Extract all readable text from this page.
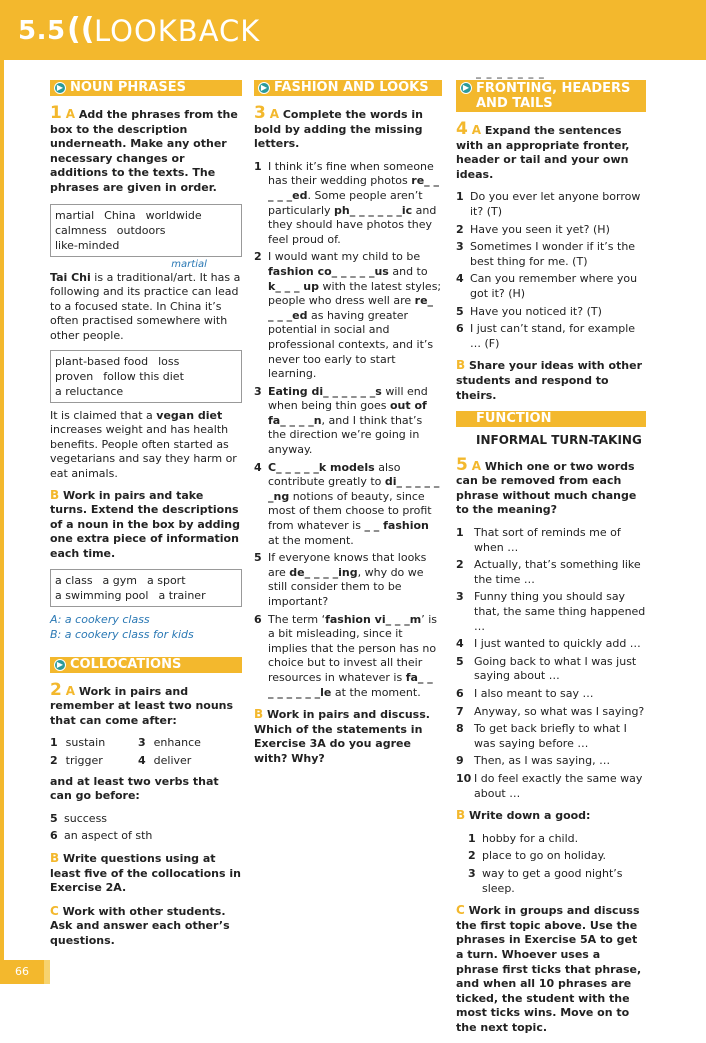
5.5 (( LOOKBACK
▶ NOUN PHRASES
1 A Add the phrases from the box to the description underneath. Make any other necessary changes or additions to the texts. The phrases are given in order.
martial China worldwide
calmness outdoors
like-minded

Tai Chi is a traditional
martial
/art. It has a following and its practice can lead to a focused state. In China it’s often practised somewhere with other people.

plant-based food loss
proven follow this diet
a reluctance

It is claimed that a vegan diet increases weight and has health benefits. People often started as vegetarians and say they harm or eat animals.

B Work in pairs and take turns. Extend the descriptions of a noun in the box by adding one extra piece of information each time.
a class a gym a sport
a swimming pool a trainer
A: a cookery class
B: a cookery class for kids
▶ COLLOCATIONS
2 A Work in pairs and remember at least two nouns that can come after:
1 sustain	3 enhance
2 trigger	4 deliver
and at least two verbs that can go before:
5 success
6 an aspect of sth
B Write questions using at least five of the collocations in Exercise 2A.
C Work with other students. Ask and answer each other’s questions.
▶ FASHION AND LOOKS
3 A Complete the words in bold by adding the missing letters.
1 I think it’s fine when someone has their wedding photos re_ _ _ _ _ed. Some people aren’t particularly ph_ _ _ _ _ _ic and they should have photos they feel proud of.
2 I would want my child to be fashion co_ _ _ _ _us and to k_ _ _ up with the latest styles; people who dress well are re_ _ _ _ed as having greater potential in social and professional contexts, and it’s never too early to start learning.
3 Eating di_ _ _ _ _ _s will end when being thin goes out of fa_ _ _ _n, and I think that’s the direction we’re going in anyway.
4 C_ _ _ _ _k models also contribute greatly to di_ _ _ _ _ _ng notions of beauty, since most of them choose to profit from whatever is _ _ fashion at the moment.
5 If everyone knows that looks are de_ _ _ _ing, why do we still consider them to be important?
6 The term ‘fashion vi_ _ _m’ is a bit misleading, since it implies that the person has no choice but to invest all their resources in whatever is fa_ _ _ _ _ _ _ _le at the moment.
B Work in pairs and discuss. Which of the statements in Exercise 3A do you agree with? Why?
_ _ _ _ _ _ _
▶ FRONTING, HEADERS
AND TAILS
4 A Expand the sentences with an appropriate fronter, header or tail and your own ideas.
1 Do you ever let anyone borrow it? (T)
2 Have you seen it yet? (H)
3 Sometimes I wonder if it’s the best thing for me. (T)
4 Can you remember where you got it? (H)
5 Have you noticed it? (T)
6 I just can’t stand, for example … (F)
B Share your ideas with other students and respond to theirs.
FUNCTION
INFORMAL TURN-TAKING
5 A Which one or two words can be removed from each phrase without much change to the meaning?
1 That sort of reminds me of when …
2 Actually, that’s something like the time …
3 Funny thing you should say that, the same thing happened …
4 I just wanted to quickly add …
5 Going back to what I was just saying about …
6 I also meant to say …
7 Anyway, so what was I saying?
8 To get back briefly to what I was saying before …
9 Then, as I was saying, …
10 I do feel exactly the same way about …
B Write down a good:
1 hobby for a child.
2 place to go on holiday.
3 way to get a good night’s sleep.
C Work in groups and discuss the first topic above. Use the phrases in Exercise 5A to get a turn. Whoever uses a phrase first ticks that phrase, and when all 10 phrases are ticked, the student with the most ticks wins. Move on to the next topic.
66
